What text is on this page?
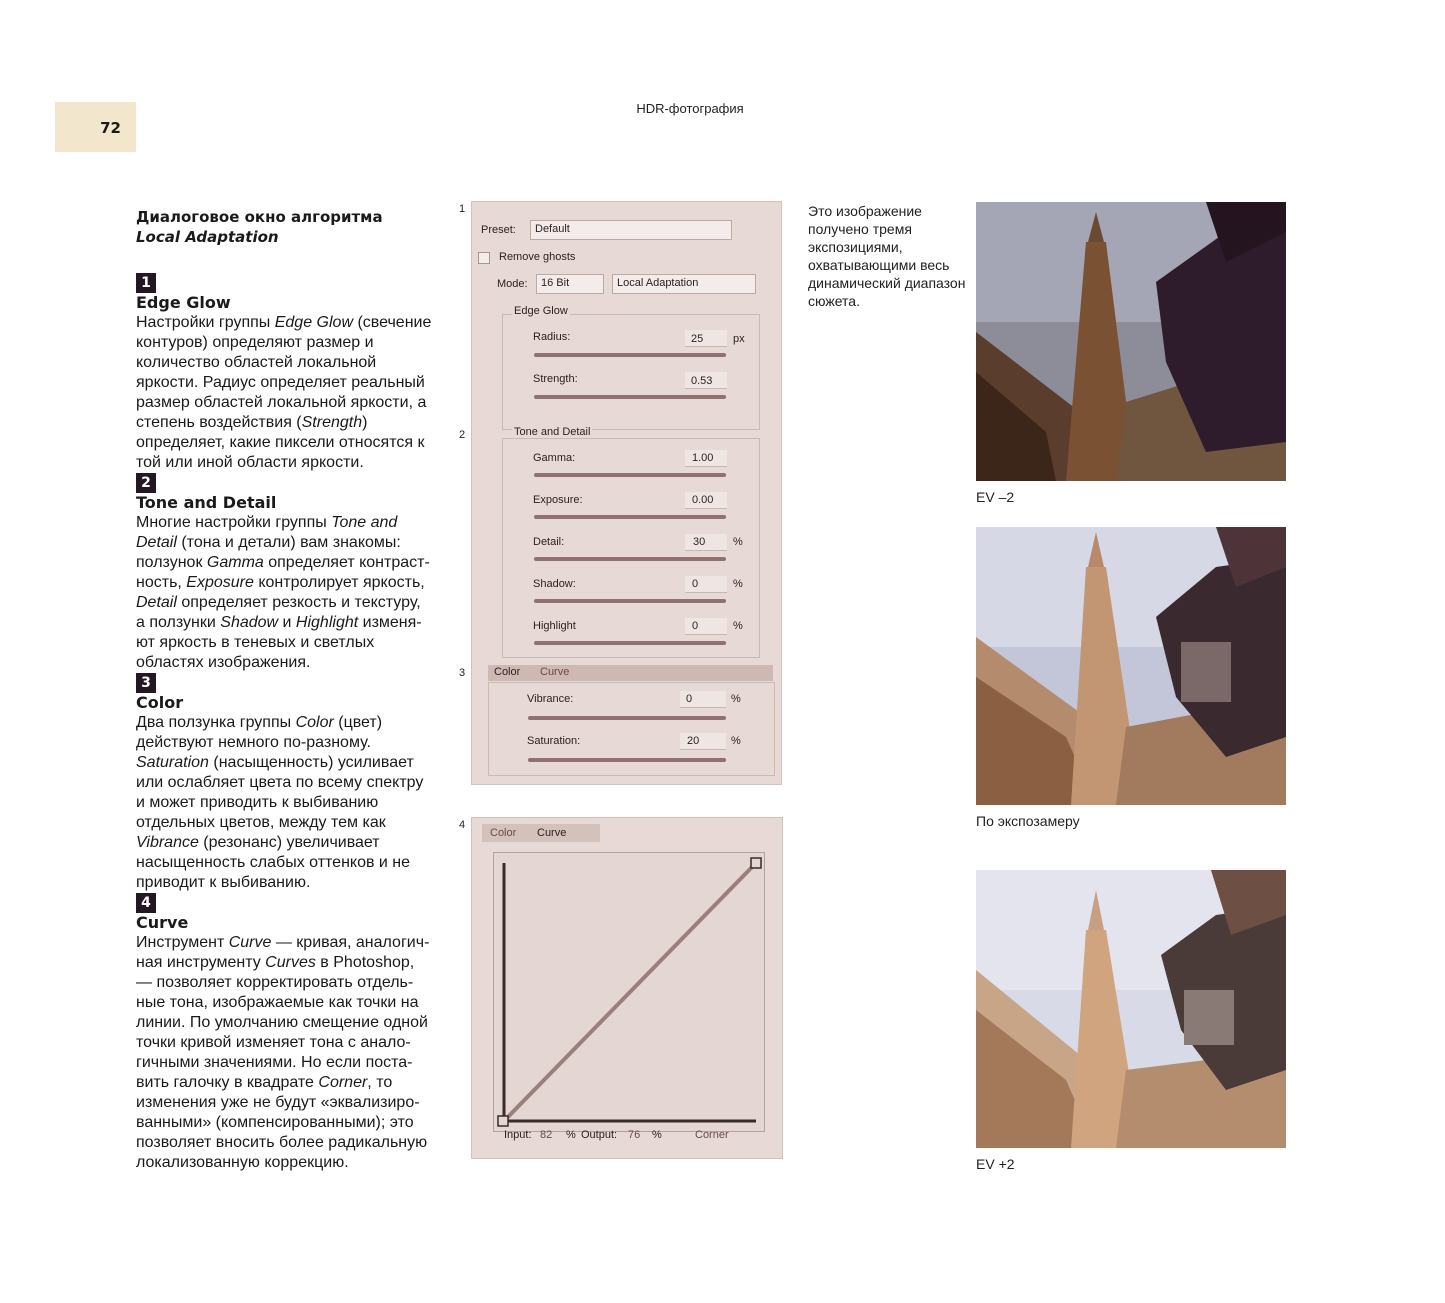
72
HDR-фотография
Диалоговое окно алгоритма
Local Adaptation
1
Edge Glow
Настройки группы Edge Glow (свечение
контуров) определяют размер и
количество областей локальной
яркости. Радиус определяет реальный
размер областей локальной яркости, а
степень воздействия (Strength)
определяет, какие пиксели относятся к
той или иной области яркости.
2
Tone and Detail
Многие настройки группы Tone and
Detail (тона и детали) вам знакомы:
ползунок Gamma определяет контраст-
ность, Exposure контролирует яркость,
Detail определяет резкость и текстуру,
а ползунки Shadow и Highlight изменя-
ют яркость в теневых и светлых
областях изображения.
3
Color
Два ползунка группы Color (цвет)
действуют немного по-разному.
Saturation (насыщенность) усиливает
или ослабляет цвета по всему спектру
и может приводить к выбиванию
отдельных цветов, между тем как
Vibrance (резонанс) увеличивает
насыщенность слабых оттенков и не
приводит к выбиванию.
4
Curve
Инструмент Curve — кривая, аналогич-
ная инструменту Curves в Photoshop,
— позволяет корректировать отдель-
ные тона, изображаемые как точки на
линии. По умолчанию смещение одной
точки кривой изменяет тона с анало-
гичными значениями. Но если поста-
вить галочку в квадрате Corner, то
изменения уже не будут «эквализиро-
ванными» (компенсированными); это
позволяет вносить более радикальную
локализованную коррекцию.
1
2
3
4
Preset: Default
Remove ghosts
Mode: 16 Bit	Local Adaptation
Edge Glow
Radius:	25	px
Strength:	0.53
Tone and Detail
Gamma:	1.00
Exposure:	0.00
Detail:	30	%
Shadow:	0	%
Highlight	0	%
Color Curve
Vibrance:	0	%
Saturation:	20	%
Color Curve
Input: 82 % Output: 76 %	Corner
Это изображение получено тремя экспозициями, охватывающими весь динамический диапазон сюжета.
EV –2
По экспозамеру
EV +2
